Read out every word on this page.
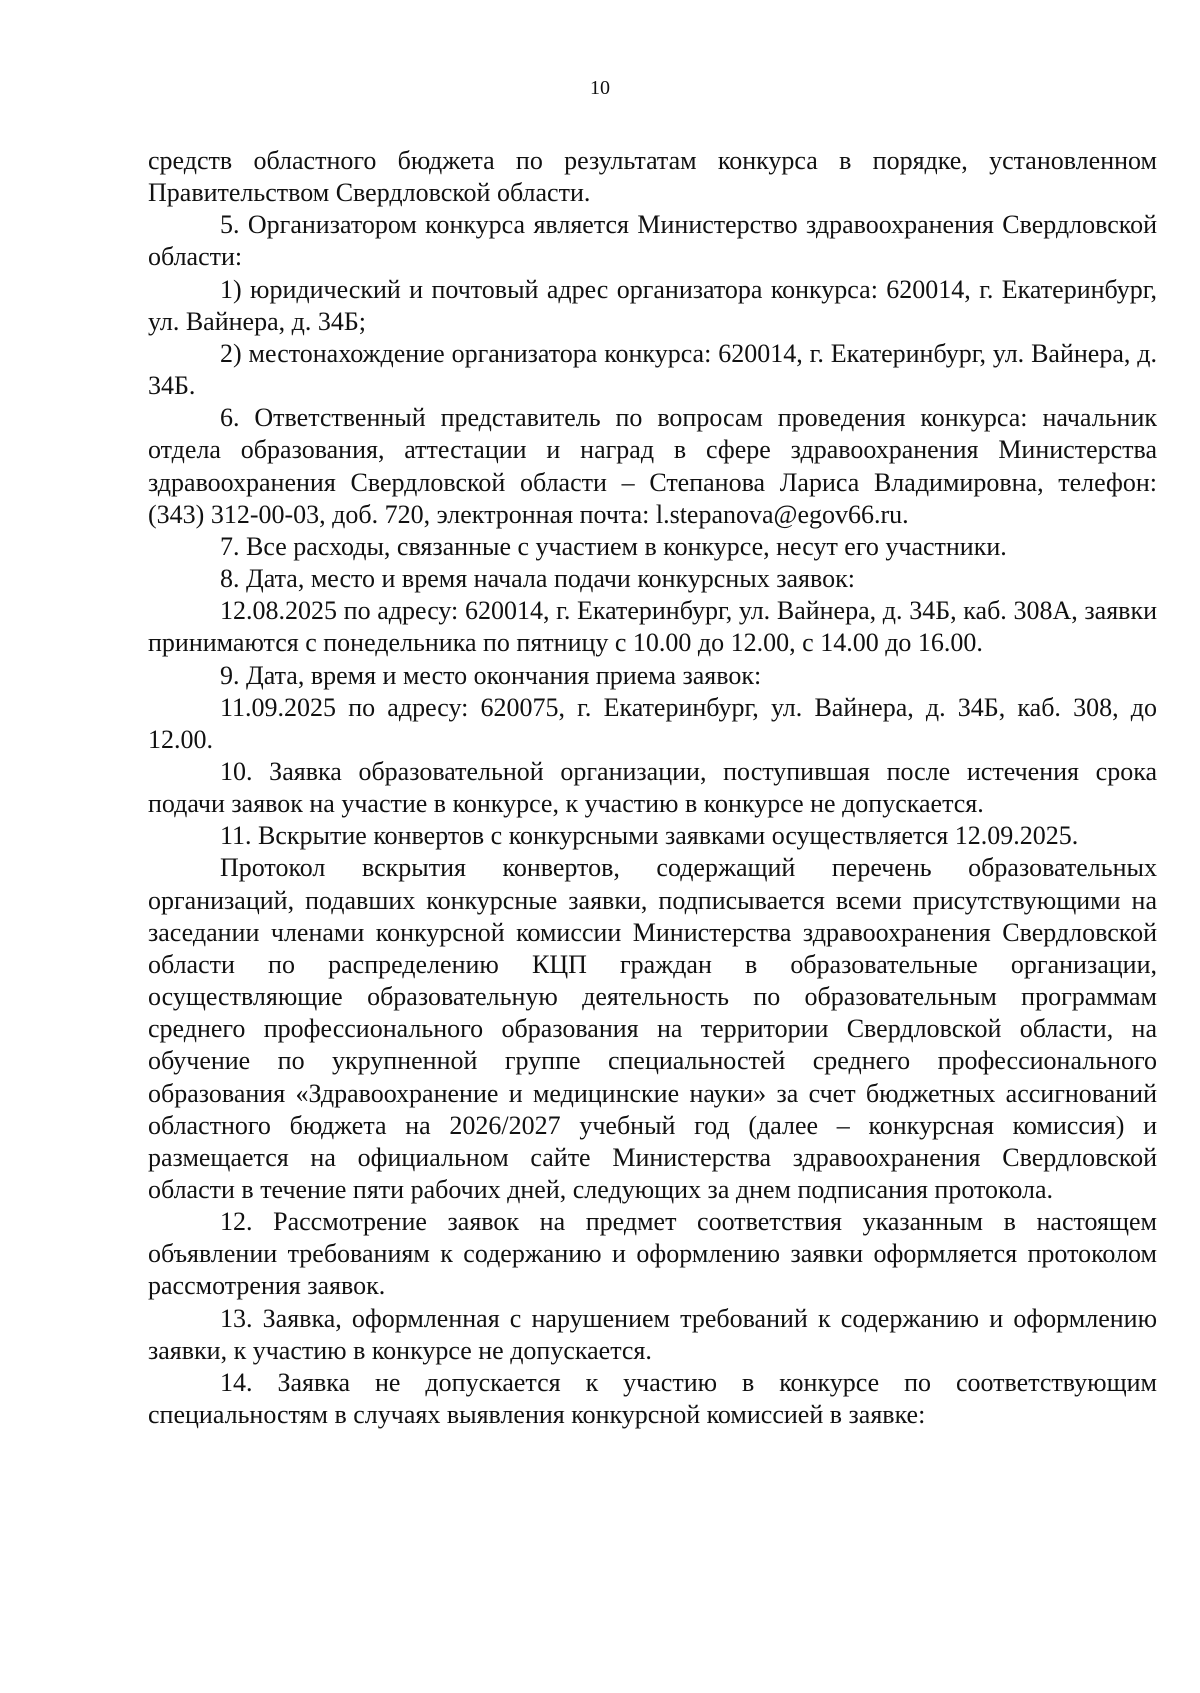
10

средств областного бюджета по результатам конкурса в порядке, установленном Правительством Свердловской области.

5. Организатором конкурса является Министерство здравоохранения Свердловской области:

1) юридический и почтовый адрес организатора конкурса: 620014, г. Екатеринбург, ул. Вайнера, д. 34Б;

2) местонахождение организатора конкурса: 620014, г. Екатеринбург, ул. Вайнера, д. 34Б.

6. Ответственный представитель по вопросам проведения конкурса: начальник отдела образования, аттестации и наград в сфере здравоохранения Министерства здравоохранения Свердловской области – Степанова Лариса Владимировна, телефон: (343) 312-00-03, доб. 720, электронная почта: l.stepanova@egov66.ru.

7. Все расходы, связанные с участием в конкурсе, несут его участники.

8. Дата, место и время начала подачи конкурсных заявок:

12.08.2025 по адресу: 620014, г. Екатеринбург, ул. Вайнера, д. 34Б, каб. 308А, заявки принимаются с понедельника по пятницу с 10.00 до 12.00, с 14.00 до 16.00.

9. Дата, время и место окончания приема заявок:

11.09.2025 по адресу: 620075, г. Екатеринбург, ул. Вайнера, д. 34Б, каб. 308, до 12.00.

10. Заявка образовательной организации, поступившая после истечения срока подачи заявок на участие в конкурсе, к участию в конкурсе не допускается.

11. Вскрытие конвертов с конкурсными заявками осуществляется 12.09.2025.

Протокол вскрытия конвертов, содержащий перечень образовательных организаций, подавших конкурсные заявки, подписывается всеми присутствующими на заседании членами конкурсной комиссии Министерства здравоохранения Свердловской области по распределению КЦП граждан в образовательные организации, осуществляющие образовательную деятельность по образовательным программам среднего профессионального образования на территории Свердловской области, на обучение по укрупненной группе специальностей среднего профессионального образования «Здравоохранение и медицинские науки» за счет бюджетных ассигнований областного бюджета на 2026/2027 учебный год (далее – конкурсная комиссия) и размещается на официальном сайте Министерства здравоохранения Свердловской области в течение пяти рабочих дней, следующих за днем подписания протокола.

12. Рассмотрение заявок на предмет соответствия указанным в настоящем объявлении требованиям к содержанию и оформлению заявки оформляется протоколом рассмотрения заявок.

13. Заявка, оформленная с нарушением требований к содержанию и оформлению заявки, к участию в конкурсе не допускается.

14. Заявка не допускается к участию в конкурсе по соответствующим специальностям в случаях выявления конкурсной комиссией в заявке:
